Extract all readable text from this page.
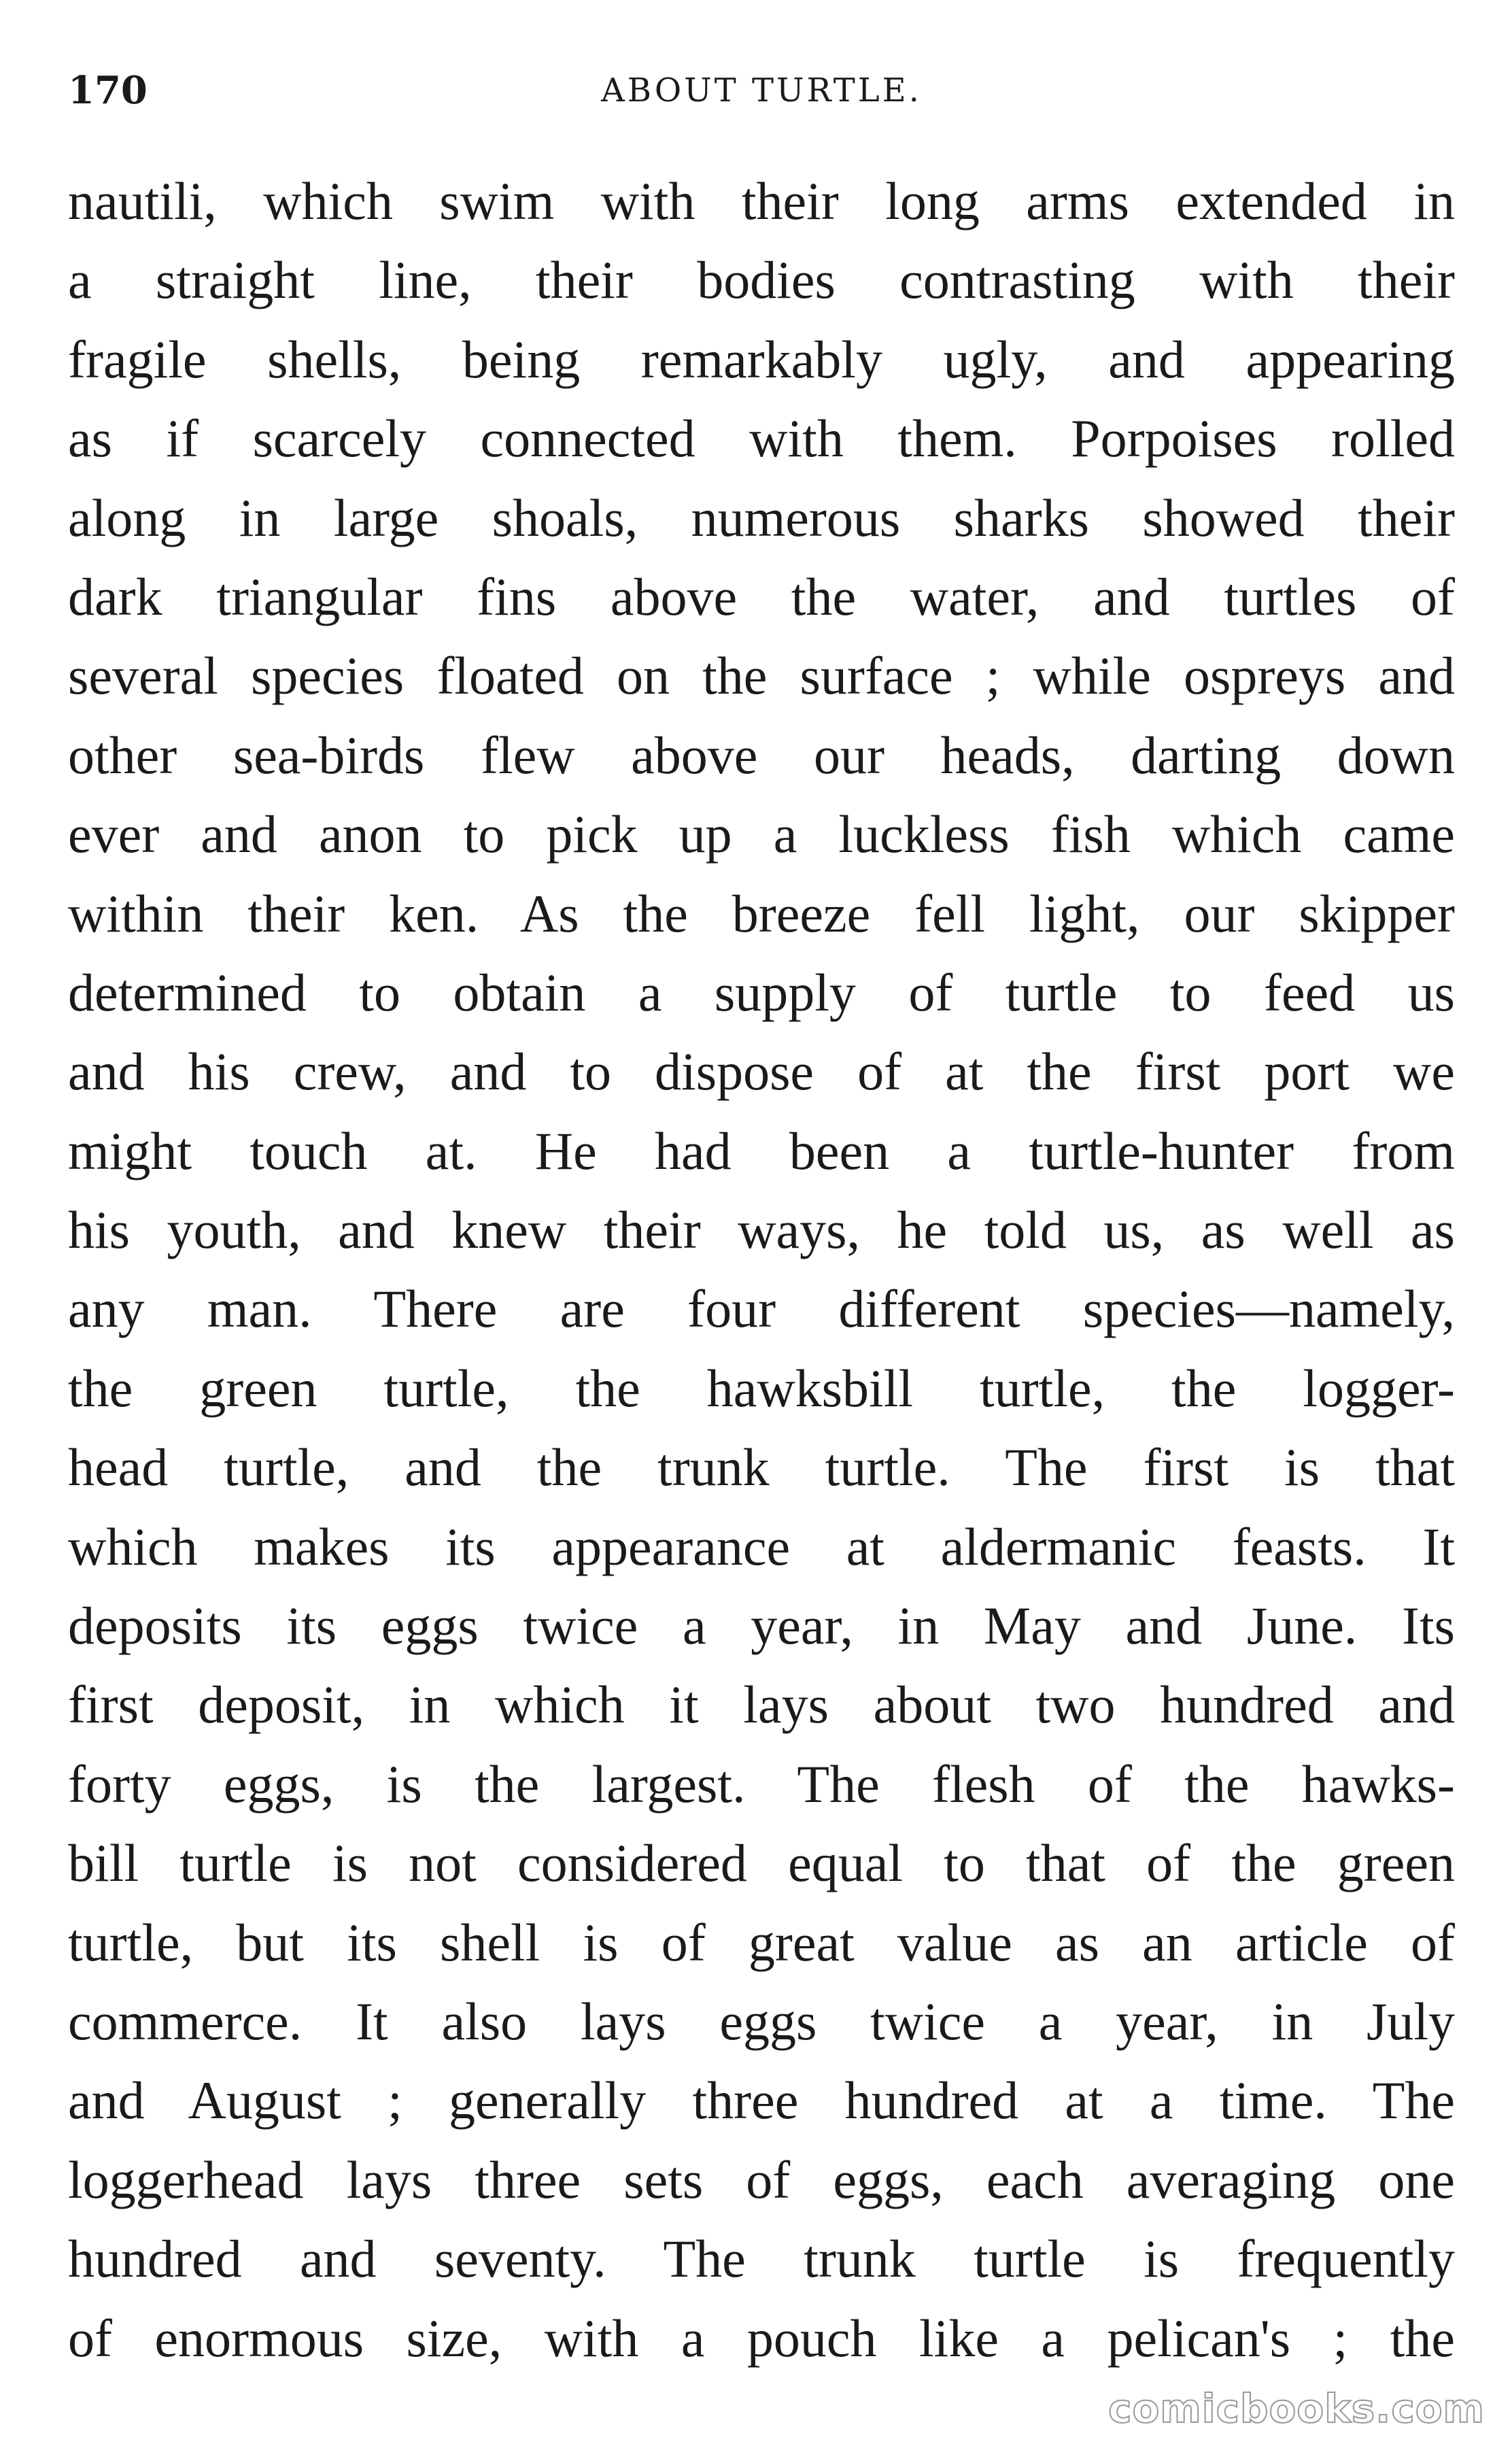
170	ABOUT TURTLE.
nautili, which swim with their long arms extended in
a straight line, their bodies contrasting with their
fragile shells, being remarkably ugly, and appearing
as if scarcely connected with them. Porpoises rolled
along in large shoals, numerous sharks showed their
dark triangular fins above the water, and turtles of
several species floated on the surface ; while ospreys and
other sea-birds flew above our heads, darting down
ever and anon to pick up a luckless fish which came
within their ken. As the breeze fell light, our skipper
determined to obtain a supply of turtle to feed us
and his crew, and to dispose of at the first port we
might touch at. He had been a turtle-hunter from
his youth, and knew their ways, he told us, as well as
any man. There are four different species—namely,
the green turtle, the hawksbill turtle, the logger-
head turtle, and the trunk turtle. The first is that
which makes its appearance at aldermanic feasts. It
deposits its eggs twice a year, in May and June. Its
first deposit, in which it lays about two hundred and
forty eggs, is the largest. The flesh of the hawks-
bill turtle is not considered equal to that of the green
turtle, but its shell is of great value as an article of
commerce. It also lays eggs twice a year, in July
and August ; generally three hundred at a time. The
loggerhead lays three sets of eggs, each averaging one
hundred and seventy. The trunk turtle is frequently
of enormous size, with a pouch like a pelican's ; the
comicbooks.com
